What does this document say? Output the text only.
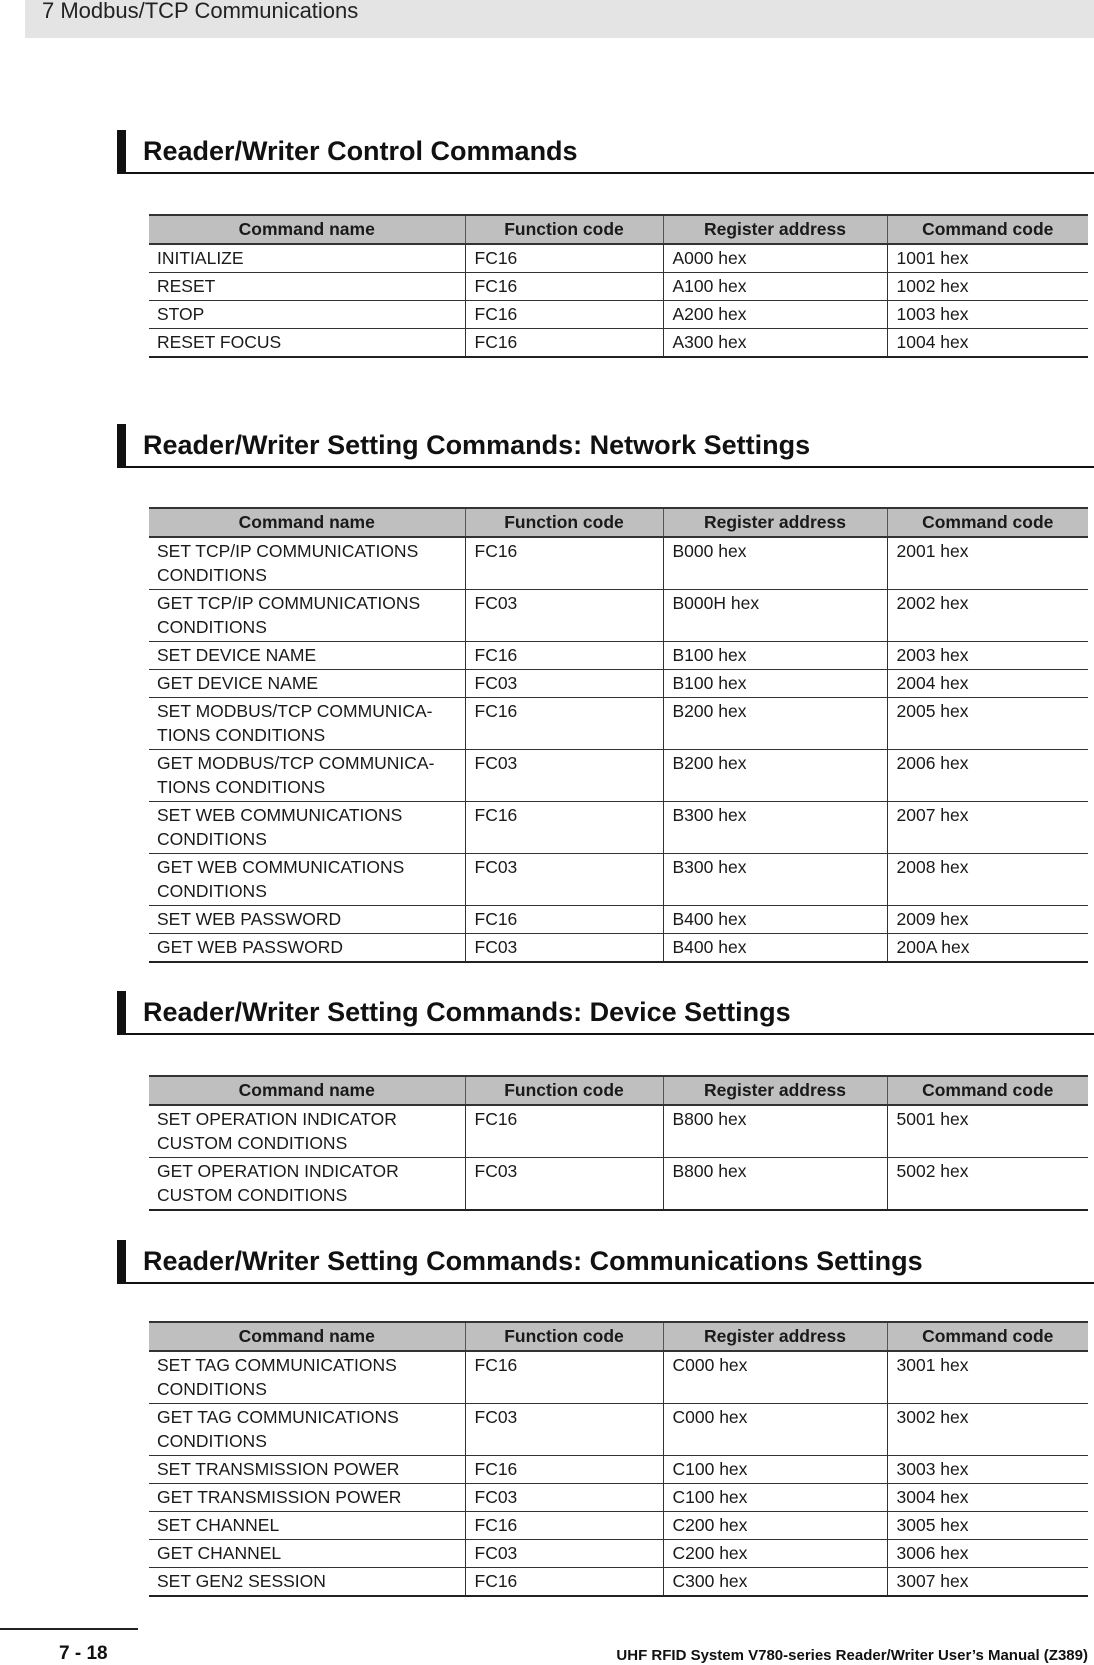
7 Modbus/TCP Communications
Reader/Writer Control Commands
Command name	Function code	Register address	Command code
INITIALIZE	FC16	A000 hex	1001 hex
RESET	FC16	A100 hex	1002 hex
STOP	FC16	A200 hex	1003 hex
RESET FOCUS	FC16	A300 hex	1004 hex
Reader/Writer Setting Commands: Network Settings
Command name	Function code	Register address	Command code
SET TCP/IP COMMUNICATIONS CONDITIONS	FC16	B000 hex	2001 hex
GET TCP/IP COMMUNICATIONS CONDITIONS	FC03	B000H hex	2002 hex
SET DEVICE NAME	FC16	B100 hex	2003 hex
GET DEVICE NAME	FC03	B100 hex	2004 hex
SET MODBUS/TCP COMMUNICA-TIONS CONDITIONS	FC16	B200 hex	2005 hex
GET MODBUS/TCP COMMUNICA-TIONS CONDITIONS	FC03	B200 hex	2006 hex
SET WEB COMMUNICATIONS CONDITIONS	FC16	B300 hex	2007 hex
GET WEB COMMUNICATIONS CONDITIONS	FC03	B300 hex	2008 hex
SET WEB PASSWORD	FC16	B400 hex	2009 hex
GET WEB PASSWORD	FC03	B400 hex	200A hex
Reader/Writer Setting Commands: Device Settings
Command name	Function code	Register address	Command code
SET OPERATION INDICATOR CUSTOM CONDITIONS	FC16	B800 hex	5001 hex
GET OPERATION INDICATOR CUSTOM CONDITIONS	FC03	B800 hex	5002 hex
Reader/Writer Setting Commands: Communications Settings
Command name	Function code	Register address	Command code
SET TAG COMMUNICATIONS CONDITIONS	FC16	C000 hex	3001 hex
GET TAG COMMUNICATIONS CONDITIONS	FC03	C000 hex	3002 hex
SET TRANSMISSION POWER	FC16	C100 hex	3003 hex
GET TRANSMISSION POWER	FC03	C100 hex	3004 hex
SET CHANNEL	FC16	C200 hex	3005 hex
GET CHANNEL	FC03	C200 hex	3006 hex
SET GEN2 SESSION	FC16	C300 hex	3007 hex
7 - 18	UHF RFID System V780-series Reader/Writer User’s Manual (Z389)
